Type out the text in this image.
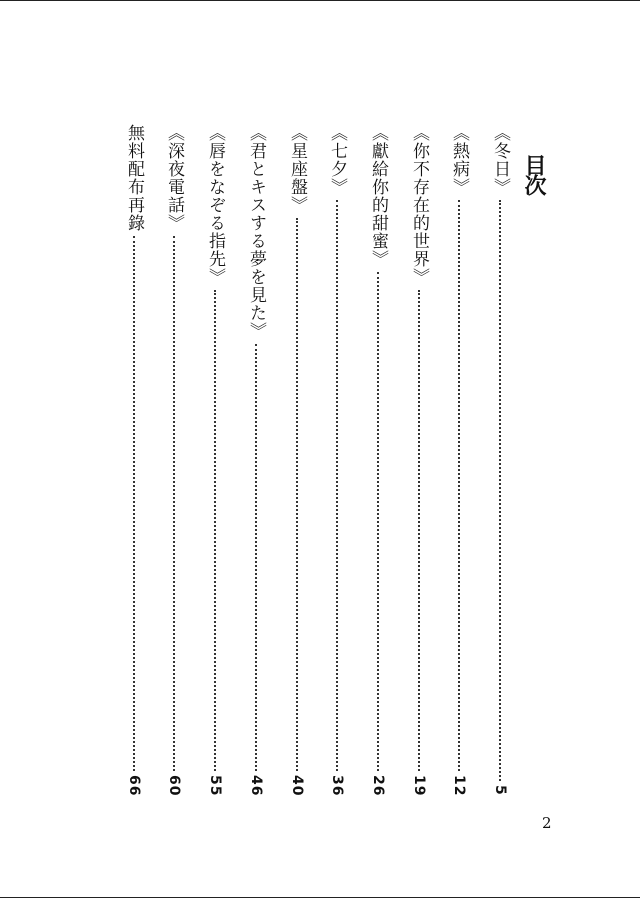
目次
《冬日》
5
《熱病》
12
《你不存在的世界》
19
《獻給你的甜蜜》
26
《七夕》
36
《星座盤》
40
《君とキスする夢を見た》
46
《唇をなぞる指先》
55
《深夜電話》
60
無料配布再錄
66
2
